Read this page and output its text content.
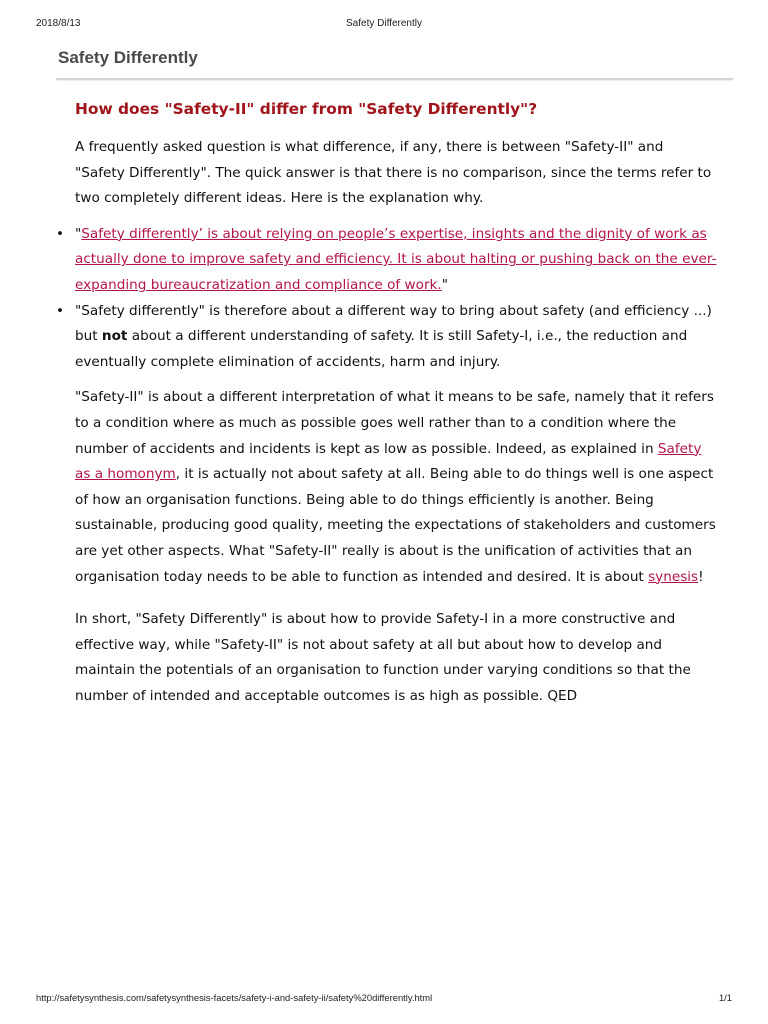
2018/8/13	Safety Differently
Safety Differently
How does "Safety-II" differ from "Safety Differently"?

A frequently asked question is what difference, if any, there is between "Safety-II" and "Safety Differently". The quick answer is that there is no comparison, since the terms refer to two completely different ideas. Here is the explanation why.

• "Safety differently’ is about relying on people’s expertise, insights and the dignity of work as actually done to improve safety and efficiency. It is about halting or pushing back on the ever-expanding bureaucratization and compliance of work."
• "Safety differently" is therefore about a different way to bring about safety (and efficiency ...) but not about a different understanding of safety. It is still Safety-I, i.e., the reduction and eventually complete elimination of accidents, harm and injury.

"Safety-II" is about a different interpretation of what it means to be safe, namely that it refers to a condition where as much as possible goes well rather than to a condition where the number of accidents and incidents is kept as low as possible. Indeed, as explained in Safety as a homonym, it is actually not about safety at all. Being able to do things well is one aspect of how an organisation functions. Being able to do things efficiently is another. Being sustainable, producing good quality, meeting the expectations of stakeholders and customers are yet other aspects. What "Safety-II" really is about is the unification of activities that an organisation today needs to be able to function as intended and desired. It is about synesis!

In short, "Safety Differently" is about how to provide Safety-I in a more constructive and effective way, while "Safety-II" is not about safety at all but about how to develop and maintain the potentials of an organisation to function under varying conditions so that the number of intended and acceptable outcomes is as high as possible. QED

http://safetysynthesis.com/safetysynthesis-facets/safety-i-and-safety-ii/safety%20differently.html	1/1
